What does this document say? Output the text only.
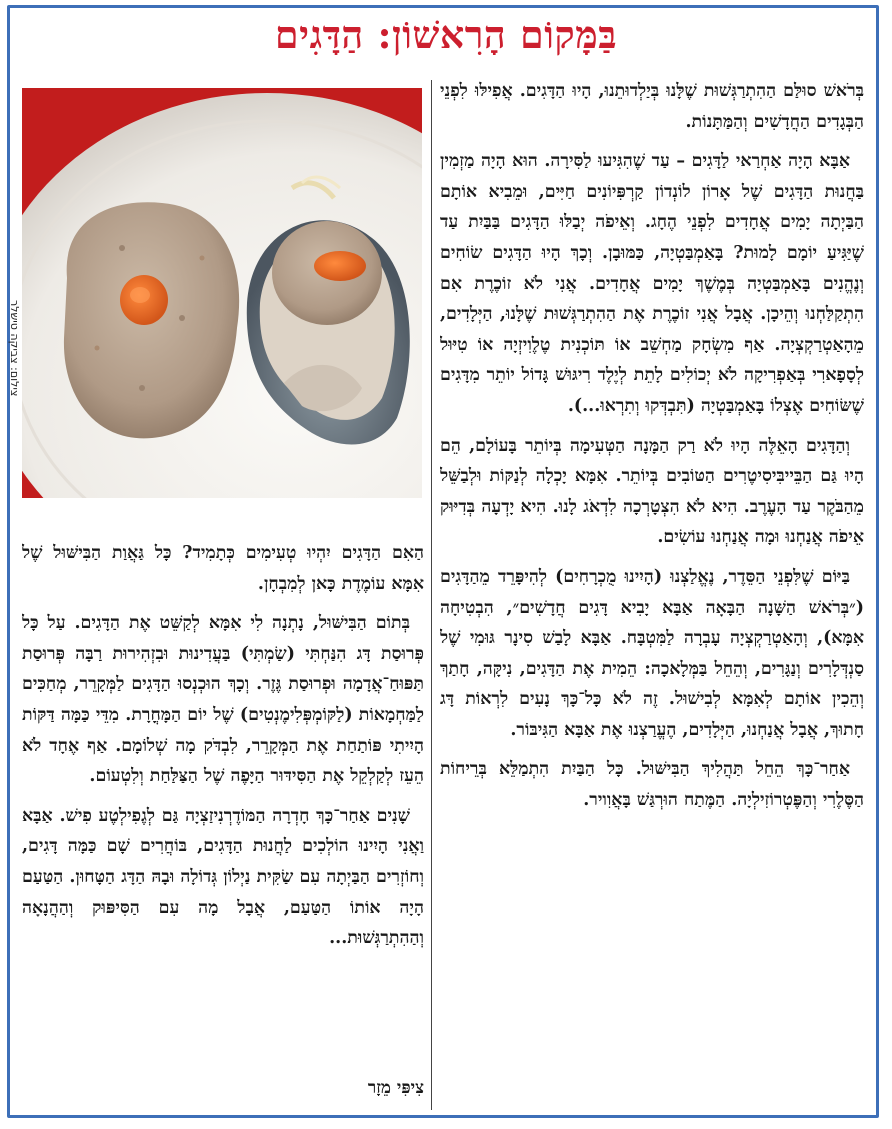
בַּמָּקוֹם הָרִאשׁוֹן: הַדָּגִים
צילום: צביקה טישלר

בְּרֹאשׁ סוּלַּם הַהִתְרַגְּשׁוּת שֶׁלָּנוּ בְּיַלְדוּתֵנוּ, הָיוּ הַדָּגִים. אֲפִילּוּ לִפְנֵי הַבְּגָדִים הַחֲדָשִׁים וְהַמַּתָּנוֹת.

אַבָּא הָיָה אַחְרַאי לַדָּגִים – עַד שֶׁהִגִּיעוּ לַסִּירָה. הוּא הָיָה מַזְמִין בַּחֲנוּת הַדָּגִים שֶׁל אָרוֹן לוֹנְדוֹן קַרְפִּיוֹנִים חַיִּים, וּמֵבִיא אוֹתָם הַבַּיְתָה יָמִים אֲחָדִים לִפְנֵי הֶחָג. וְאֵיפֹה יְבַלּוּ הַדָּגִים בַּבַּיִת עַד שֶׁיַּגִּיעַ יוֹמָם לָמוּת? בָּאַמְבַּטְיָה, כַּמּוּבָן. וְכָךְ הָיוּ הַדָּגִים שׂוֹחִים וְנֶהֱנִים בָּאַמְבַּטְיָה בְּמֶשֶׁךְ יָמִים אֲחָדִים. אֲנִי לֹא זוֹכֶרֶת אִם הִתְקַלַּחְנוּ וְהֵיכָן. אֲבָל אֲנִי זוֹכֶרֶת אֶת הַהִתְרַגְּשׁוּת שֶׁלָּנוּ, הַיְּלָדִים, מֵהָאַטְרַקְצְיָה. אַף מִשְׂחָק מַחְשֵׁב אוֹ תּוֹכְנִית טֶלֶוִיזְיָה אוֹ טִיּוּל לְסָפָארִי בְּאַפְרִיקָה לֹא יְכוֹלִים לָתֵת לְיֶלֶד רִיגּוּשׁ גָּדוֹל יוֹתֵר מִדָּגִים שֶׁשּׂוֹחִים אֶצְלוֹ בָּאַמְבַּטְיָה (תִּבְדְּקוּ וְתִרְאוּ...).

וְהַדָּגִים הָאֵלֶּה הָיוּ לֹא רַק הַמָּנָה הַטְּעִימָה בְּיוֹתֵר בָּעוֹלָם, הֵם הָיוּ גַּם הַבֵּייבִּיסִיטֶרִים הַטּוֹבִים בְּיוֹתֵר. אִמָּא יָכְלָה לְנַקּוֹת וּלְבַשֵּׁל מֵהַבֹּקֶר עַד הָעֶרֶב. הִיא לֹא הִצְטָרְכָה לִדְאֹג לָנוּ. הִיא יָדְעָה בְּדִיּוּק אֵיפֹה אֲנַחְנוּ וּמָה אֲנַחְנוּ עוֹשִׂים.

בַּיּוֹם שֶׁלִּפְנֵי הַסֵּדֶר, נֶאֱלַצְנוּ (הָיִינוּ מֻכְרָחִים) לְהִיפָּרֵד מֵהַדָּגִים (״בְּרֹאשׁ הַשָּׁנָה הַבָּאָה אַבָּא יָבִיא דָּגִים חֲדָשִׁים״, הִבְטִיחָה אִמָּא), וְהָאַטְרַקְצְיָה עָבְרָה לַמִּטְבָּח. אַבָּא לָבַשׁ סִינָר גּוּמִי שֶׁל סַנְדְּלָרִים וְנַגָּרִים, וְהֵחֵל בַּמְּלָאכָה: הֵמִית אֶת הַדָּגִים, נִיקָּה, חָתַךְ וְהֵכִין אוֹתָם לְאִמָּא לְבִישׁוּל. זֶה לֹא כָּל־כָּךְ נָעִים לִרְאוֹת דָּג חָתוּךְ, אֲבָל אֲנַחְנוּ, הַיְּלָדִים, הֶעֱרַצְנוּ אֶת אַבָּא הַגִּיבּוֹר.

אַחַר־כָּךְ הֵחֵל תַּהֲלִיךְ הַבִּישּׁוּל. כָּל הַבַּיִת הִתְמַלֵּא בְּרֵיחוֹת הַסֶּלֶרִי וְהַפֶּטְרוֹזִילְיָה. הַמֶּתַח הוּרְגַּשׁ בָּאֲוִויר.

הַאִם הַדָּגִים יִהְיוּ טְעִימִים כְּתָמִיד? כָּל גַּאֲוַת הַבִּישּׁוּל שֶׁל אִמָּא עוֹמֶדֶת כָּאן לְמִבְחָן.

בְּתוֹם הַבִּישּׁוּל, נָתְנָה לִי אִמָּא לְקַשֵּׁט אֶת הַדָּגִים. עַל כָּל פְּרוּסַת דָּג הִנַּחְתִּי (שַׂמְתִּי) בַּעֲדִינוּת וּבִזְהִירוּת רַבָּה פְּרוּסַת תַּפּוּחַ־אֲדָמָה וּפְרוּסַת גֶּזֶר. וְכָךְ הוּכְנְסוּ הַדָּגִים לַמְּקָרֵר, מְחַכִּים לַמַּחְמָאוֹת (לַקּוֹמְפְּלִימֶנְטִים) שֶׁל יוֹם הַמָּחֳרָת. מִדֵּי כַּמָּה דַּקּוֹת הָיִיתִי פּוֹתַחַת אֶת הַמְּקָרֵר, לִבְדֹּק מָה שְׁלוֹמָם. אַף אֶחָד לֹא הֵעֵז לְקַלְקֵל אֶת הַסִּידּוּר הַיָּפֶה שֶׁל הַצַּלַּחַת וְלִטְעוֹם.

שָׁנִים אַחַר־כָּךְ חָדְרָה הַמּוֹדֶרְנִיזַצְיָה גַּם לְגֶפִילְטֶע פִישׁ. אַבָּא וַאֲנִי הָיִינוּ הוֹלְכִים לַחֲנוּת הַדָּגִים, בּוֹחֲרִים שָׁם כַּמָּה דָּגִים, וְחוֹזְרִים הַבַּיְתָה עִם שַׂקִּית נַיְלוֹן גְּדוֹלָה וּבָהּ הַדָּג הַטָּחוּן. הַטַּעַם הָיָה אוֹתוֹ הַטַּעַם, אֲבָל מָה עִם הַסִּיפּוּק וְהַהֲנָאָה וְהַהִתְרַגְּשׁוּת...

צִיפִּי מֵזָר
